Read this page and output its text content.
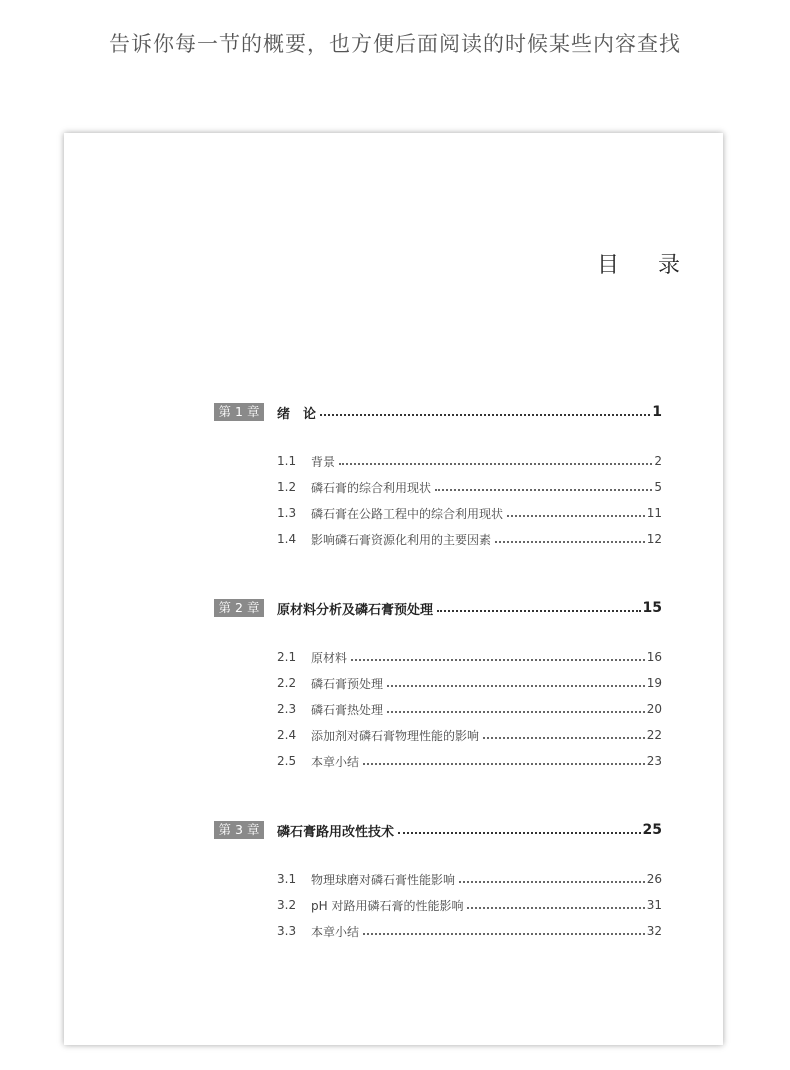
告诉你每一节的概要，也方便后面阅读的时候某些内容查找
目 录
第 1 章	绪　论	1
1.1	背景	2
1.2	磷石膏的综合利用现状	5
1.3	磷石膏在公路工程中的综合利用现状	11
1.4	影响磷石膏资源化利用的主要因素	12
第 2 章	原材料分析及磷石膏预处理	15
2.1	原材料	16
2.2	磷石膏预处理	19
2.3	磷石膏热处理	20
2.4	添加剂对磷石膏物理性能的影响	22
2.5	本章小结	23
第 3 章	磷石膏路用改性技术	25
3.1	物理球磨对磷石膏性能影响	26
3.2	pH 对路用磷石膏的性能影响	31
3.3	本章小结	32
